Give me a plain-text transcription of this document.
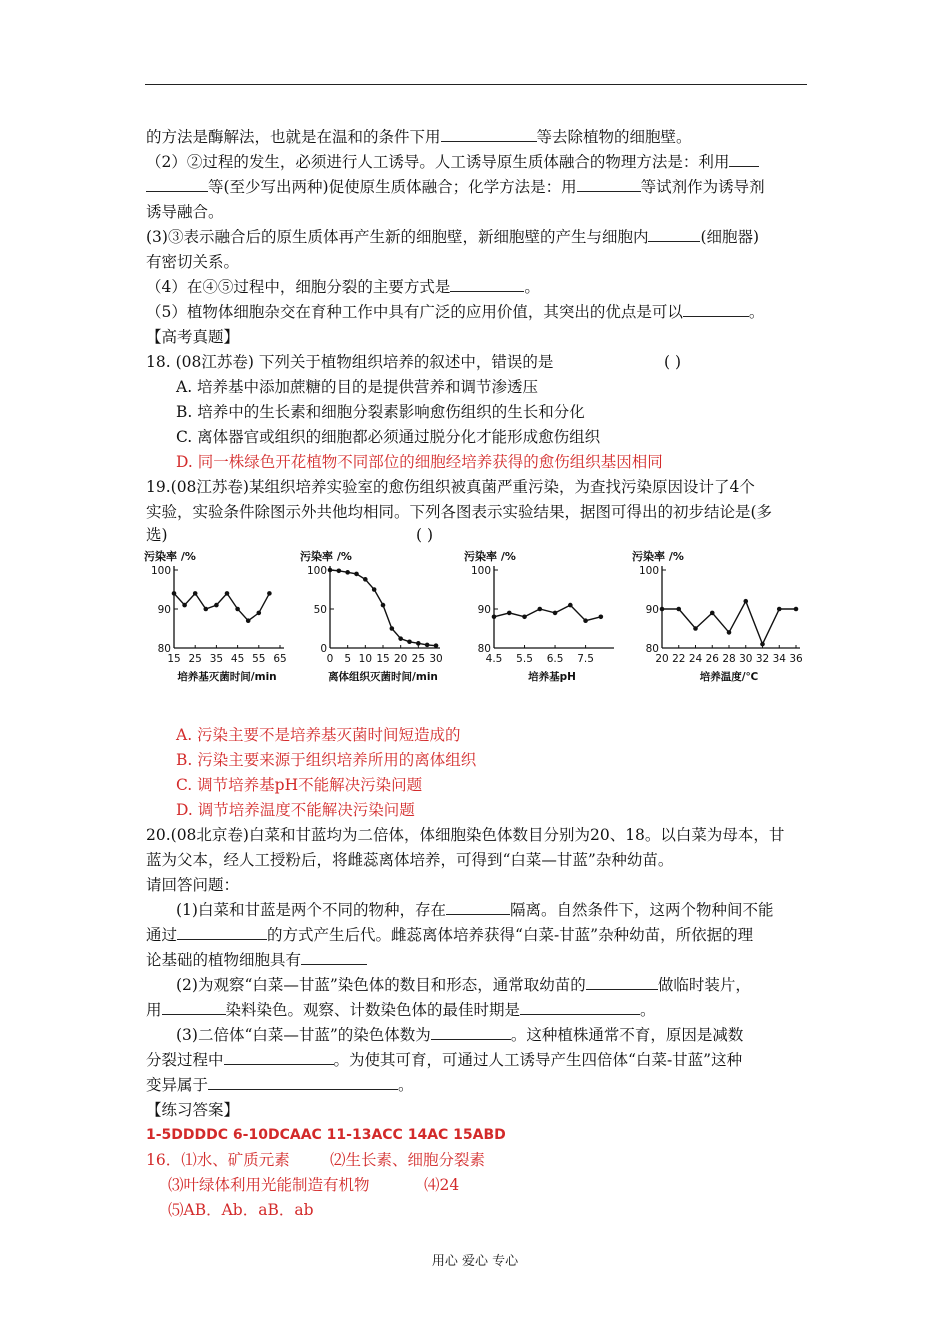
的方法是酶解法，也就是在温和的条件下用	等去除植物的细胞壁。
（2）②过程的发生，必须进行人工诱导。人工诱导原生质体融合的物理方法是：利用
等(至少写出两种)促使原生质体融合；化学方法是：用	等试剂作为诱导剂
诱导融合。
(3)③表示融合后的原生质体再产生新的细胞壁，新细胞壁的产生与细胞内	(细胞器)
有密切关系。
（4）在④⑤过程中，细胞分裂的主要方式是	。
（5）植物体细胞杂交在育种工作中具有广泛的应用价值，其突出的优点是可以	。
【高考真题】
18. (08江苏卷) 下列关于植物组织培养的叙述中，错误的是	( )
A. 培养基中添加蔗糖的目的是提供营养和调节渗透压
B. 培养中的生长素和细胞分裂素影响愈伤组织的生长和分化
C. 离体器官或组织的细胞都必须通过脱分化才能形成愈伤组织
D. 同一株绿色开花植物不同部位的细胞经培养获得的愈伤组织基因相同
19.(08江苏卷)某组织培养实验室的愈伤组织被真菌严重污染，为查找污染原因设计了4个
实验，实验条件除图示外共他均相同。下列各图表示实验结果，据图可得出的初步结论是(多
选)	( )
污染率 /%
80
90
100
15 25 35 45 55 65
培养基灭菌时间/min
污染率 /%
0
50
100
0 5 10 15 20 25 30
离体组织灭菌时间/min
污染率 /%
80
90
100
4.5 5.5 6.5 7.5
培养基pH
污染率 /%
80
90
100
20 22 24 26 28 30 32 34 36
培养温度/℃
A. 污染主要不是培养基灭菌时间短造成的
B. 污染主要来源于组织培养所用的离体组织
C. 调节培养基pH不能解决污染问题
D. 调节培养温度不能解决污染问题
20.(08北京卷)白菜和甘蓝均为二倍体，体细胞染色体数目分别为20、18。以白菜为母本，甘
蓝为父本，经人工授粉后，将雌蕊离体培养，可得到“白菜—甘蓝”杂种幼苗。
请回答问题：
(1)白菜和甘蓝是两个不同的物种，存在	隔离。自然条件下，这两个物种间不能
通过	的方式产生后代。雌蕊离体培养获得“白菜-甘蓝”杂种幼苗，所依据的理
论基础的植物细胞具有
(2)为观察“白菜—甘蓝”染色体的数目和形态，通常取幼苗的	做临时装片，
用	染料染色。观察、计数染色体的最佳时期是	。
(3)二倍体“白菜—甘蓝”的染色体数为	。这种植株通常不育，原因是减数
分裂过程中	。为使其可育，可通过人工诱导产生四倍体“白菜-甘蓝”这种
变异属于	。
【练习答案】
1-5DDDDC 6-10DCAAC 11-13ACC 14AC 15ABD
16．⑴水、矿质元素	⑵生长素、细胞分裂素
⑶叶绿体利用光能制造有机物	⑷24
⑸AB．Ab．aB．ab
用心 爱心 专心
